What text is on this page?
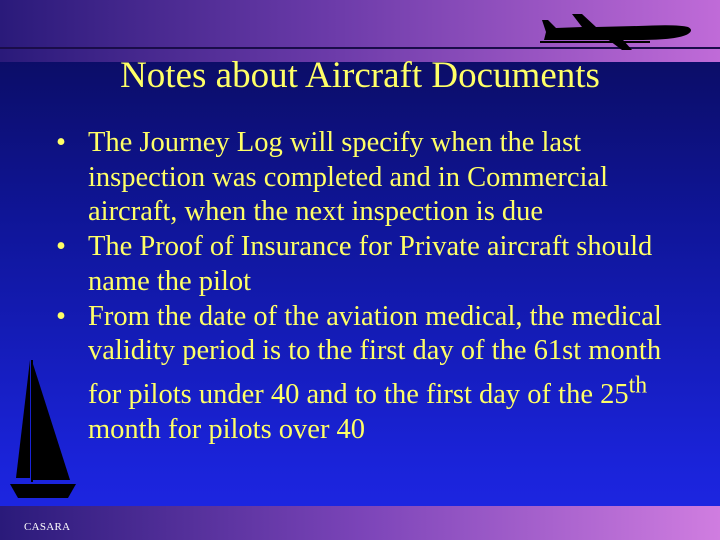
Notes about Aircraft Documents
• The Journey Log will specify when the last inspection was completed and in Commercial aircraft, when the next inspection is due
• The Proof of Insurance for Private aircraft should name the pilot
• From the date of the aviation medical, the medical validity period is to the first day of the 61st month for pilots under 40 and to the first day of the 25th month for pilots over 40
CASARA
